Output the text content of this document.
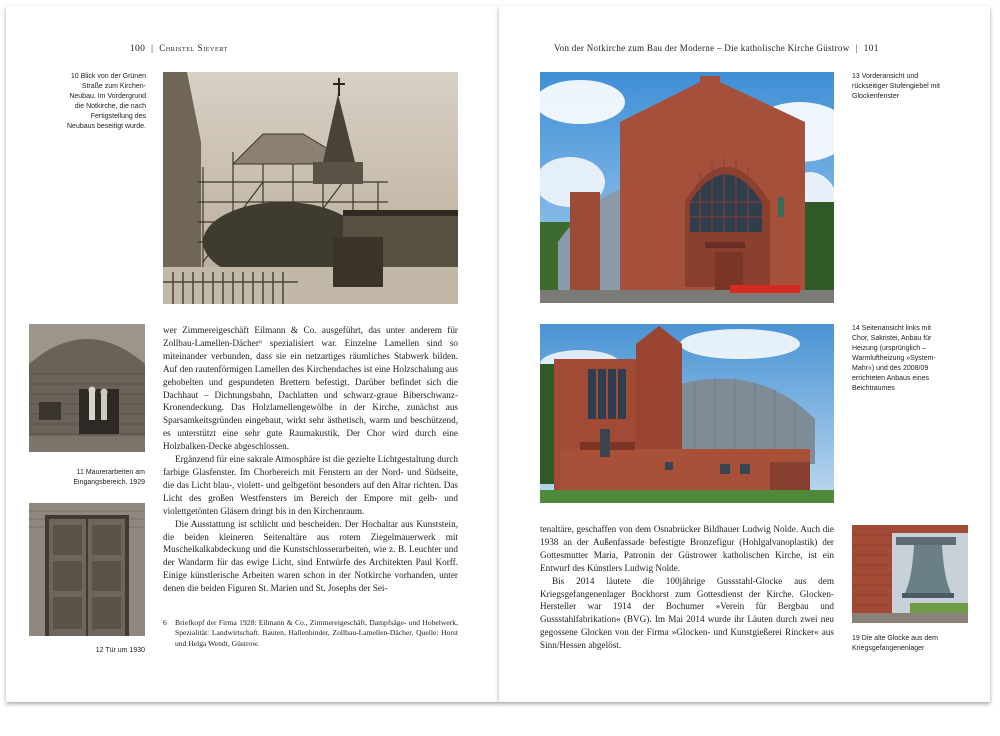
100 | Christel Sievert
10 Blick von der Grünen Straße zum Kirchen-Neubau. Im Vordergrund die Notkirche, die nach Fertigstellung des Neubaus beseitigt wurde.
11 Maurerarbeiten am Eingangsbereich, 1929
12 Tür um 1930

wer Zimmereigeschäft Eilmann & Co. ausgeführt, das unter anderem für Zollbau-Lamellen-Dächer⁶ spezialisiert war. Einzelne Lamellen sind so miteinander verbunden, dass sie ein netzartiges räumliches Stabwerk bilden. Auf den rautenförmigen Lamellen des Kirchendaches ist eine Holzschalung aus gehobelten und gespundeten Brettern befestigt. Darüber befindet sich die Dachhaut – Dichtungsbahn, Dachlatten und schwarz-graue Biberschwanz-Kronendeckung. Das Holzlamellengewölbe in der Kirche, zunächst aus Sparsamkeitsgründen eingebaut, wirkt sehr ästhetisch, warm und beschützend, es unterstützt eine sehr gute Raumakustik. Der Chor wird durch eine Holzbalken-Decke abgeschlossen.

Ergänzend für eine sakrale Atmosphäre ist die gezielte Lichtgestaltung durch farbige Glasfenster. Im Chorbereich mit Fenstern an der Nord- und Südseite, die das Licht blau-, violett- und gelbgetönt besonders auf den Altar richten. Das Licht des großen Westfensters im Bereich der Empore mit gelb- und violettgetönten Gläsern dringt bis in den Kirchenraum.

Die Ausstattung ist schlicht und bescheiden. Der Hochaltar aus Kunststein, die beiden kleineren Seitenaltäre aus rotem Ziegelmauerwerk mit Muschelkalkabdeckung und die Kunstschlosserarbeiten, wie z. B. Leuchter und der Wandarm für das ewige Licht, sind Entwürfe des Architekten Paul Korff. Einige künstlerische Arbeiten waren schon in der Notkirche vorhanden, unter denen die beiden Figuren St. Marien und St. Josephs der Sei-

6 Briefkopf der Firma 1928: Eilmann & Co., Zimmereigeschäft, Dampfsäge- und Hobelwerk, Spezialität: Landwirtschaft. Bauten, Hallenbinder, Zollbau-Lamellen-Dächer, Quelle: Horst und Helga Wendt, Güstrow.
Von der Notkirche zum Bau der Moderne – Die katholische Kirche Güstrow | 101
13 Vorderansicht und rückseitiger Stufengiebel mit Glockenfenster
14 Seitenansicht links mit Chor, Sakristei, Anbau für Heizung (ursprünglich – Warmluftheizung »System-Mahr«) und des 2008/09 errichteten Anbaus eines Beichtraumes

tenaltäre, geschaffen von dem Osnabrücker Bildhauer Ludwig Nolde. Auch die 1938 an der Außenfassade befestigte Bronzefigur (Hohlgalvanoplastik) der Gottesmutter Maria, Patronin der Güstrower katholischen Kirche, ist ein Entwurf des Künstlers Ludwig Nolde.

Bis 2014 läutete die 100jährige Gussstahl-Glocke aus dem Kriegsgefangenenlager Bockhorst zum Gottesdienst der Kirche. Glocken-Hersteller war 1914 der Bochumer »Verein für Bergbau und Gussstahlfabrikation« (BVG). Im Mai 2014 wurde ihr Läuten durch zwei neu gegossene Glocken von der Firma »Glocken- und Kunstgießerei Rincker« aus Sinn/Hessen abgelöst.

19 Die alte Glocke aus dem Kriegsgefangenenlager
